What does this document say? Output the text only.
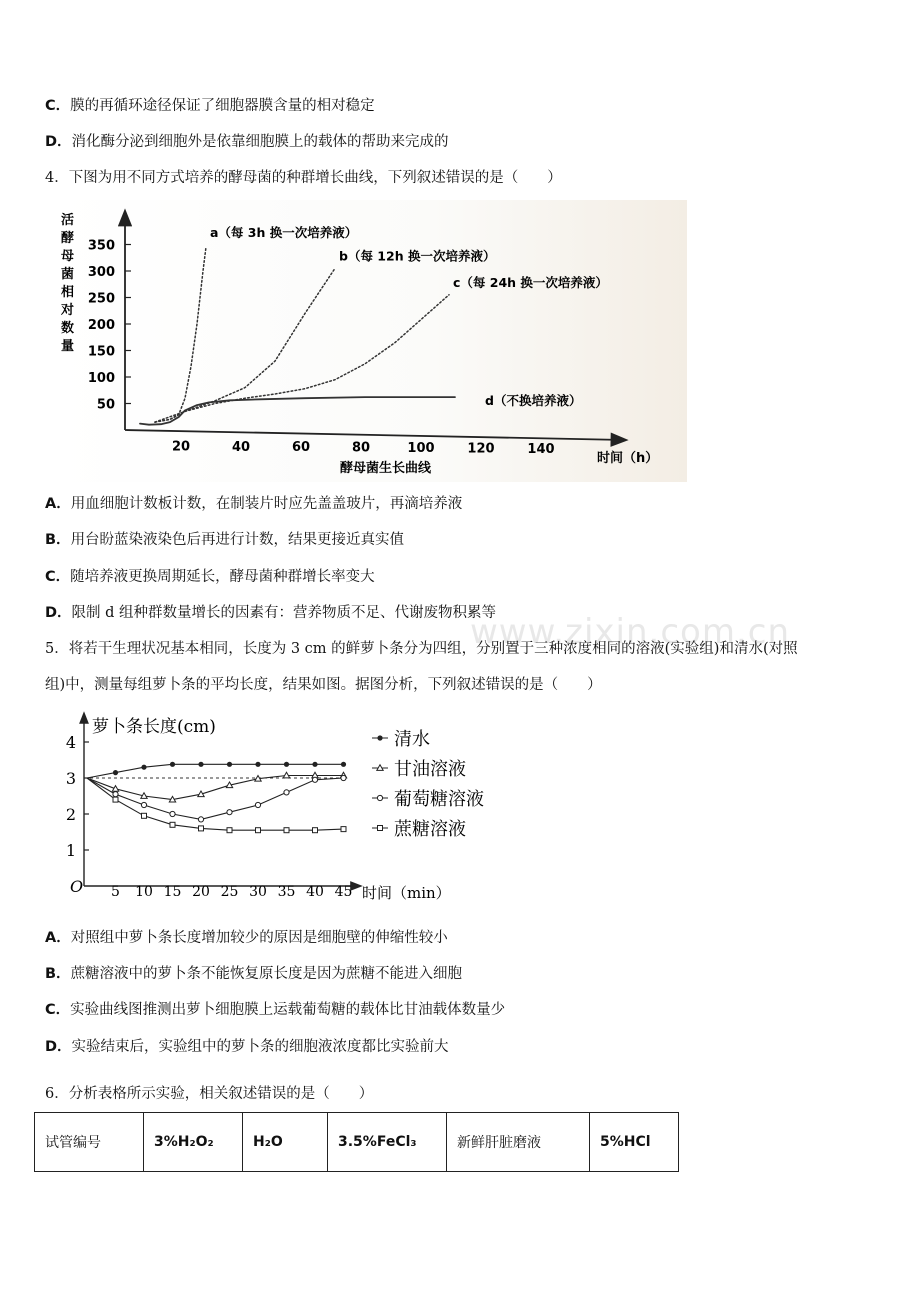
C．膜的再循环途径保证了细胞器膜含量的相对稳定
D．消化酶分泌到细胞外是依靠细胞膜上的载体的帮助来完成的
4．下图为用不同方式培养的酵母菌的种群增长曲线，下列叙述错误的是（　　）
活酵母菌相对数量
50
100
150
200
250
300
350
20	40	60	80	100	120	140
a（每 3h 换一次培养液）
b（每 12h 换一次培养液）
c（每 24h 换一次培养液）
d（不换培养液）
酵母菌生长曲线
时间（h）
A．用血细胞计数板计数，在制装片时应先盖盖玻片，再滴培养液
B．用台盼蓝染液染色后再进行计数，结果更接近真实值
C．随培养液更换周期延长，酵母菌种群增长率变大
D．限制 d 组种群数量增长的因素有：营养物质不足、代谢废物积累等
www.zixin.com.cn
5．将若干生理状况基本相同，长度为 3 cm 的鲜萝卜条分为四组，分别置于三种浓度相同的溶液(实验组)和清水(对照
组)中，测量每组萝卜条的平均长度，结果如图。据图分析，下列叙述错误的是（　　）
萝卜条长度(cm)
O	时间（min）
1
2
3
4
5 10 15 20 25 30 35 40 45
清水
甘油溶液
葡萄糖溶液
蔗糖溶液
A．对照组中萝卜条长度增加较少的原因是细胞壁的伸缩性较小
B．蔗糖溶液中的萝卜条不能恢复原长度是因为蔗糖不能进入细胞
C．实验曲线图推测出萝卜细胞膜上运载葡萄糖的载体比甘油载体数量少
D．实验结束后，实验组中的萝卜条的细胞液浓度都比实验前大
6．分析表格所示实验，相关叙述错误的是（　　）
试管编号	3%H₂O₂	H₂O	3.5%FeCl₃	新鲜肝脏磨液	5%HCl
